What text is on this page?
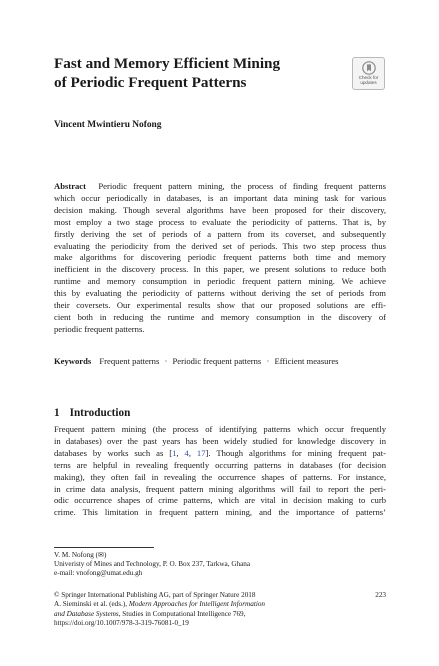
Fast and Memory Efficient Mining
of Periodic Frequent Patterns	Check for
updates
Vincent Mwintieru Nofong
Abstract Periodic frequent pattern mining, the process of finding frequent patterns
which occur periodically in databases, is an important data mining task for various
decision making. Though several algorithms have been proposed for their discovery,
most employ a two stage process to evaluate the periodicity of patterns. That is, by
firstly deriving the set of periods of a pattern from its coverset, and subsequently
evaluating the periodicity from the derived set of periods. This two step process thus
make algorithms for discovering periodic frequent patterns both time and memory
inefficient in the discovery process. In this paper, we present solutions to reduce both
runtime and memory consumption in periodic frequent pattern mining. We achieve
this by evaluating the periodicity of patterns without deriving the set of periods from
their coversets. Our experimental results show that our proposed solutions are effi-
cient both in reducing the runtime and memory consumption in the discovery of
periodic frequent patterns.
Keywords Frequent patterns · Periodic frequent patterns · Efficient measures
1 Introduction
Frequent pattern mining (the process of identifying patterns which occur frequently
in databases) over the past years has been widely studied for knowledge discovery in
databases by works such as [1, 4, 17]. Though algorithms for mining frequent pat-
terns are helpful in revealing frequently occurring patterns in databases (for decision
making), they often fail in revealing the occurrence shapes of patterns. For instance,
in crime data analysis, frequent pattern mining algorithms will fail to report the peri-
odic occurrence shapes of crime patterns, which are vital in decision making to curb
crime. This limitation in frequent pattern mining, and the importance of patterns’
V. M. Nofong (✉)
Univeristy of Mines and Technology, P. O. Box 237, Tarkwa, Ghana
e-mail: vnofong@umat.edu.gh
© Springer International Publishing AG, part of Springer Nature 2018
A. Sieminski et al. (eds.), Modern Approaches for Intelligent Information
and Database Systems, Studies in Computational Intelligence 769,
https://doi.org/10.1007/978-3-319-76081-0_19
223
